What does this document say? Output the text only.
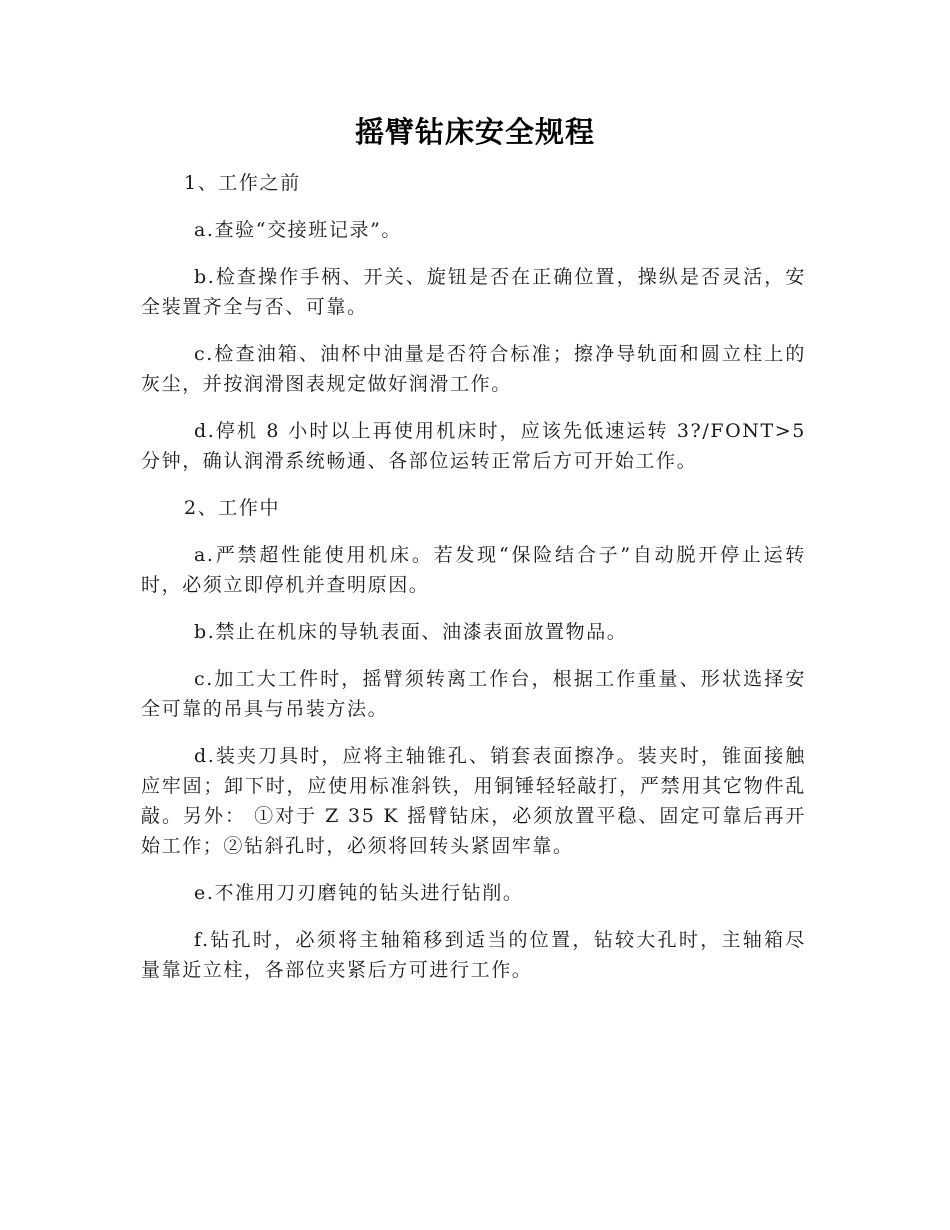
摇臂钻床安全规程

1、工作之前

a.查验“交接班记录”。

b.检查操作手柄、开关、旋钮是否在正确位置，操纵是否灵活，安全装置齐全与否、可靠。

c.检查油箱、油杯中油量是否符合标准；擦净导轨面和圆立柱上的灰尘，并按润滑图表规定做好润滑工作。

d.停机 8 小时以上再使用机床时，应该先低速运转 3?/FONT>5 分钟，确认润滑系统畅通、各部位运转正常后方可开始工作。

2、工作中

a.严禁超性能使用机床。若发现“保险结合子”自动脱开停止运转时，必须立即停机并查明原因。

b.禁止在机床的导轨表面、油漆表面放置物品。

c.加工大工件时，摇臂须转离工作台，根据工作重量、形状选择安全可靠的吊具与吊装方法。

d.装夹刀具时，应将主轴锥孔、销套表面擦净。装夹时，锥面接触应牢固；卸下时，应使用标准斜铁，用铜锤轻轻敲打，严禁用其它物件乱敲。另外： ①对于 Z 35 K 摇臂钻床，必须放置平稳、固定可靠后再开始工作；②钻斜孔时，必须将回转头紧固牢靠。

e.不准用刀刃磨钝的钻头进行钻削。

f.钻孔时，必须将主轴箱移到适当的位置，钻较大孔时，主轴箱尽量靠近立柱，各部位夹紧后方可进行工作。
